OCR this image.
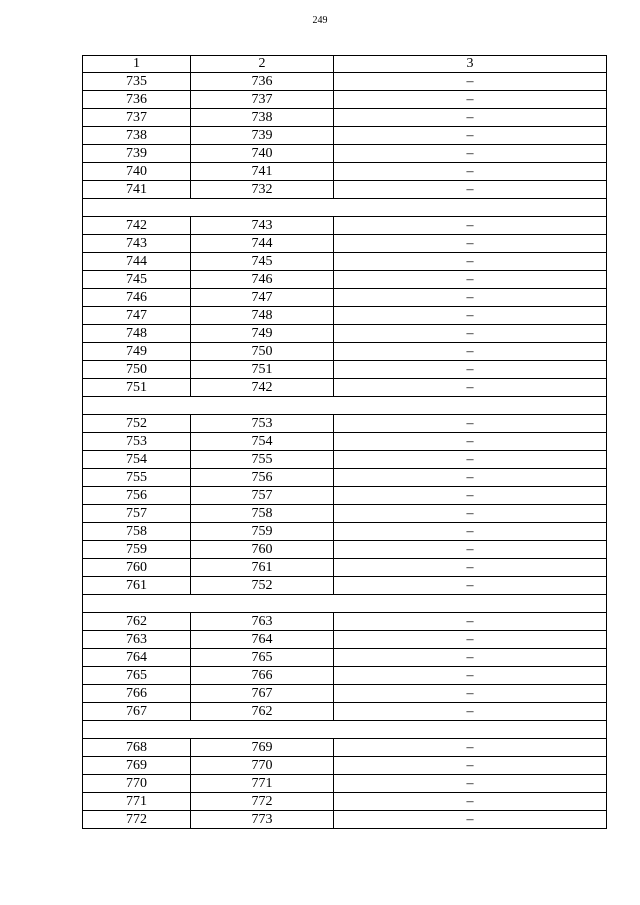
249
1	2	3
735	736	–
736	737	–
737	738	–
738	739	–
739	740	–
740	741	–
741	732	–

742	743	–
743	744	–
744	745	–
745	746	–
746	747	–
747	748	–
748	749	–
749	750	–
750	751	–
751	742	–

752	753	–
753	754	–
754	755	–
755	756	–
756	757	–
757	758	–
758	759	–
759	760	–
760	761	–
761	752	–

762	763	–
763	764	–
764	765	–
765	766	–
766	767	–
767	762	–

768	769	–
769	770	–
770	771	–
771	772	–
772	773	–
